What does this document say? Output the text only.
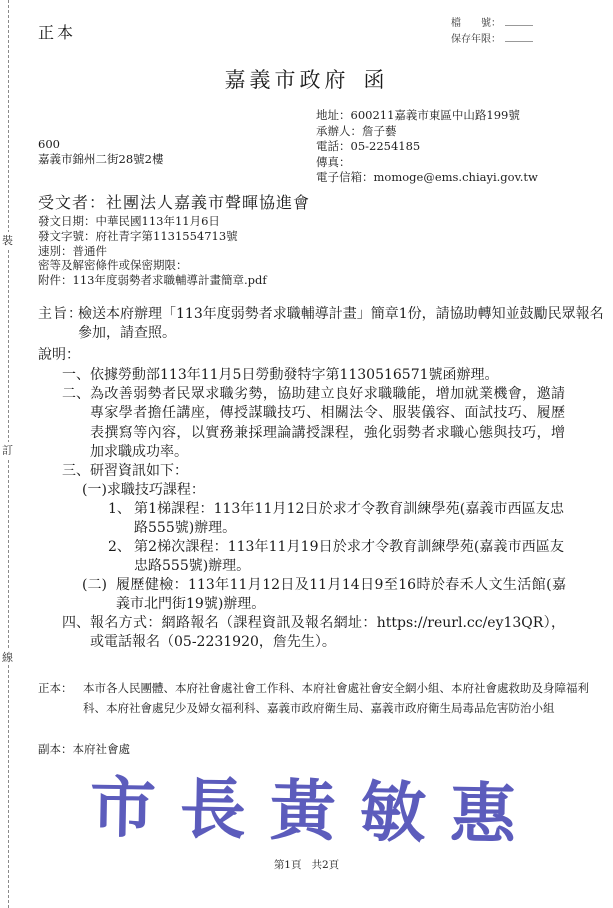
正本	檔　　號：
保存年限：
裝
訂
線
嘉義市政府 函
地址：600211嘉義市東區中山路199號
承辦人：詹子藝
電話：05-2254185
傳真：
電子信箱：momoge@ems.chiayi.gov.tw
600
嘉義市錦州二街28號2樓
受文者：社團法人嘉義市聲暉協進會
發文日期：中華民國113年11月6日
發文字號：府社青字第1131554713號
速別：普通件
密等及解密條件或保密期限：
附件：113年度弱勢者求職輔導計畫簡章.pdf
主旨：
檢送本府辦理「113年度弱勢者求職輔導計畫」簡章1份，請協助轉知並鼓勵民眾報名參加，請查照。
說明：
一、依據勞動部113年11月5日勞動發特字第1130516571號函辦理。
二、 為改善弱勢者民眾求職劣勢，協助建立良好求職職能，增加就業機會，邀請專家學者擔任講座，傳授謀職技巧、相關法令、服裝儀容、面試技巧、履歷表撰寫等內容，以實務兼採理論講授課程，強化弱勢者求職心態與技巧，增加求職成功率。
三、研習資訊如下：
(一)求職技巧課程：
1、 第1梯課程：113年11月12日於求才令教育訓練學苑(嘉義市西區友忠路555號)辦理。
2、 第2梯次課程：113年11月19日於求才令教育訓練學苑(嘉義市西區友忠路555號)辦理。
(二) 履歷健檢：113年11月12日及11月14日9至16時於春禾人文生活館(嘉義市北門街19號)辦理。
四、 報名方式：網路報名（課程資訊及報名網址：https://reurl.cc/ey13QR），或電話報名（05-2231920，詹先生）。
正本： 本市各人民團體、本府社會處社會工作科、本府社會處社會安全網小組、本府社會處救助及身障福利科、本府社會處兒少及婦女福利科、嘉義市政府衛生局、嘉義市政府衛生局毒品危害防治小組
副本：本府社會處
市長黃敏惠
第1頁 共2頁
